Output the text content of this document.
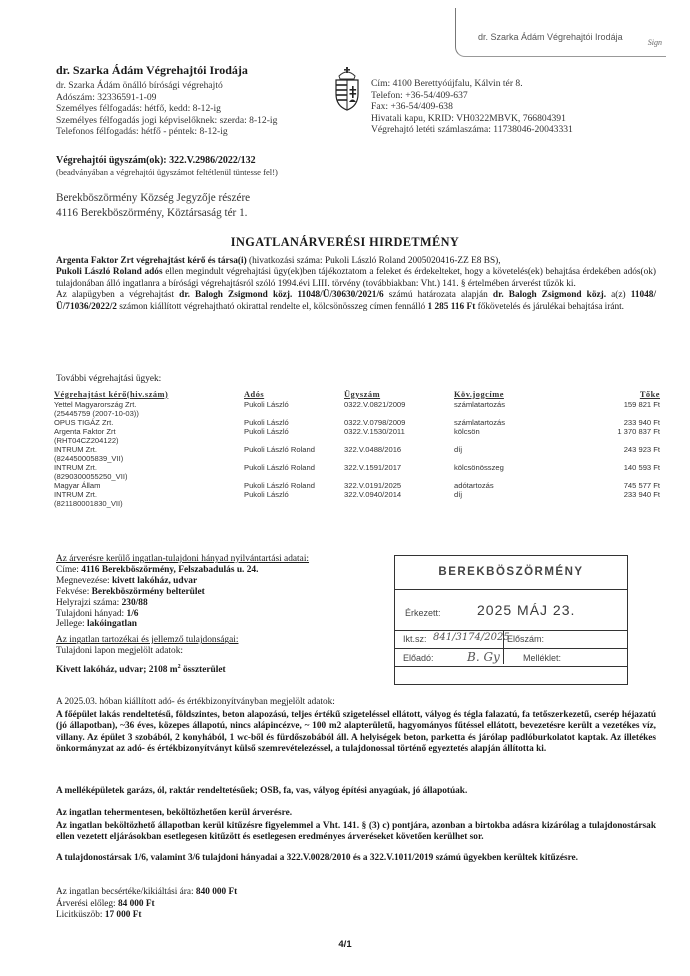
dr. Szarka Ádám Végrehajtói Irodája
Sign
dr. Szarka Ádám Végrehajtói Irodája
dr. Szarka Ádám önálló bírósági végrehajtó
Adószám: 32336591-1-09
Személyes félfogadás: hétfő, kedd: 8-12-ig
Személyes félfogadás jogi képviselőknek: szerda: 8-12-ig
Telefonos félfogadás: hétfő - péntek: 8-12-ig
Cím: 4100 Berettyóújfalu, Kálvin tér 8.
Telefon: +36-54/409-637
Fax: +36-54/409-638
Hivatali kapu, KRID: VH0322MBVK, 766804391
Végrehajtó letéti számlaszáma: 11738046-20043331
Végrehajtói ügyszám(ok): 322.V.2986/2022/132
(beadványában a végrehajtói ügyszámot feltétlenül tüntesse fel!)
Berekböszörmény Község Jegyzője részére
4116 Berekböszörmény, Köztársaság tér 1.
INGATLANÁRVERÉSI HIRDETMÉNY
Argenta Faktor Zrt végrehajtást kérő és társa(i) (hivatkozási száma: Pukoli László Roland 2005020416-ZZ E8 BS),
Pukoli László Roland adós ellen megindult végrehajtási ügy(ek)ben tájékoztatom a feleket és érdekelteket, hogy a követelés(ek) behajtása érdekében adós(ok) tulajdonában álló ingatlanra a bírósági végrehajtásról szóló 1994.évi LIII. törvény (továbbiakban: Vht.) 141. § értelmében árverést tűzök ki.
Az alapügyben a végrehajtást dr. Balogh Zsigmond közj. 11048/Ü/30630/2021/6 számú határozata alapján dr. Balogh Zsigmond közj. a(z) 11048/Ü/71036/2022/2 számon kiállított végrehajtható okirattal rendelte el, kölcsönösszeg címen fennálló 1 285 116 Ft főkövetelés és járulékai behajtása iránt.
További végrehajtási ügyek:
Végrehajtást kérő(hiv.szám)	Adós	Ügyszám	Köv.jogcíme	Tőke

Yettel Magyarország Zrt.
(25445759 (2007-10-03))	Pukoli László	0322.V.0821/2009	számlatartozás	159 821 Ft

OPUS TIGÁZ Zrt.	Pukoli László	0322.V.0798/2009	számlatartozás	233 940 Ft

Argenta Faktor Zrt
(RHT04CZ204122)	Pukoli László	0322.V.1530/2011	kölcsön	1 370 837 Ft

INTRUM Zrt.
(824450005839_VII)	Pukoli László Roland	322.V.0488/2016	díj	243 923 Ft

INTRUM Zrt.
(8290300055250_VII)	Pukoli László Roland	322.V.1591/2017	kölcsönösszeg	140 593 Ft

Magyar Állam	Pukoli László Roland	322.V.0191/2025	adótartozás	745 577 Ft

INTRUM Zrt.
(821180001830_VII)	Pukoli László	322.V.0940/2014	díj	233 940 Ft
Az árverésre kerülő ingatlan-tulajdoni hányad nyilvántartási adatai:
Címe: 4116 Berekböszörmény, Felszabadulás u. 24.
Megnevezése: kivett lakóház, udvar
Fekvése: Berekböszörmény belterület
Helyrajzi száma: 230/88
Tulajdoni hányad: 1/6
Jellege: lakóingatlan
Az ingatlan tartozékai és jellemző tulajdonságai:
Tulajdoni lapon megjelölt adatok:
Kivett lakóház, udvar; 2108 $m^2$ összterület
BEREKBÖSZÖRMÉNY
Érkezett:	2025 MÁJ 23.
Ikt.sz: 841/3174/2025
Előszám:
Előadó:	B. Gy	Melléklet:
A 2025.03. hóban kiállított adó- és értékbizonyítványban megjelölt adatok:
A főépület lakás rendeltetésű, földszintes, beton alapozású, teljes értékű szigeteléssel ellátott, vályog és tégla falazatú, fa tetőszerkezetű, cserép héjazatú (jó állapotban), ~36 éves, közepes állapotú, nincs alápincézve, ~ 100 m2 alapterületű, hagyományos fűtéssel ellátott, bevezetésre került a vezetékes víz, villany. Az épület 3 szobából, 2 konyhából, 1 wc-ből és fürdőszobából áll. A helyiségek beton, parketta és járólap padlóburkolatot kaptak. Az illetékes önkormányzat az adó- és értékbizonyítványt külső szemrevételezéssel, a tulajdonossal történő egyeztetés alapján állította ki.
A melléképületek garázs, ól, raktár rendeltetésűek; OSB, fa, vas, vályog építési anyagúak, jó állapotúak.
Az ingatlan tehermentesen, beköltözhetően kerül árverésre.
Az ingatlan beköltözhető állapotban kerül kitűzésre figyelemmel a Vht. 141. § (3) c) pontjára, azonban a birtokba adásra kizárólag a tulajdonostársak ellen vezetett eljárásokban esetlegesen kitűzött és esetlegesen eredményes árveréseket követően kerülhet sor.
A tulajdonostársak 1/6, valamint 3/6 tulajdoni hányadai a 322.V.0028/2010 és a 322.V.1011/2019 számú ügyekben kerültek kitűzésre.
Az ingatlan becsértéke/kikiáltási ára: 840 000 Ft
Árverési előleg: 84 000 Ft
Licitküszöb: 17 000 Ft
4/1
